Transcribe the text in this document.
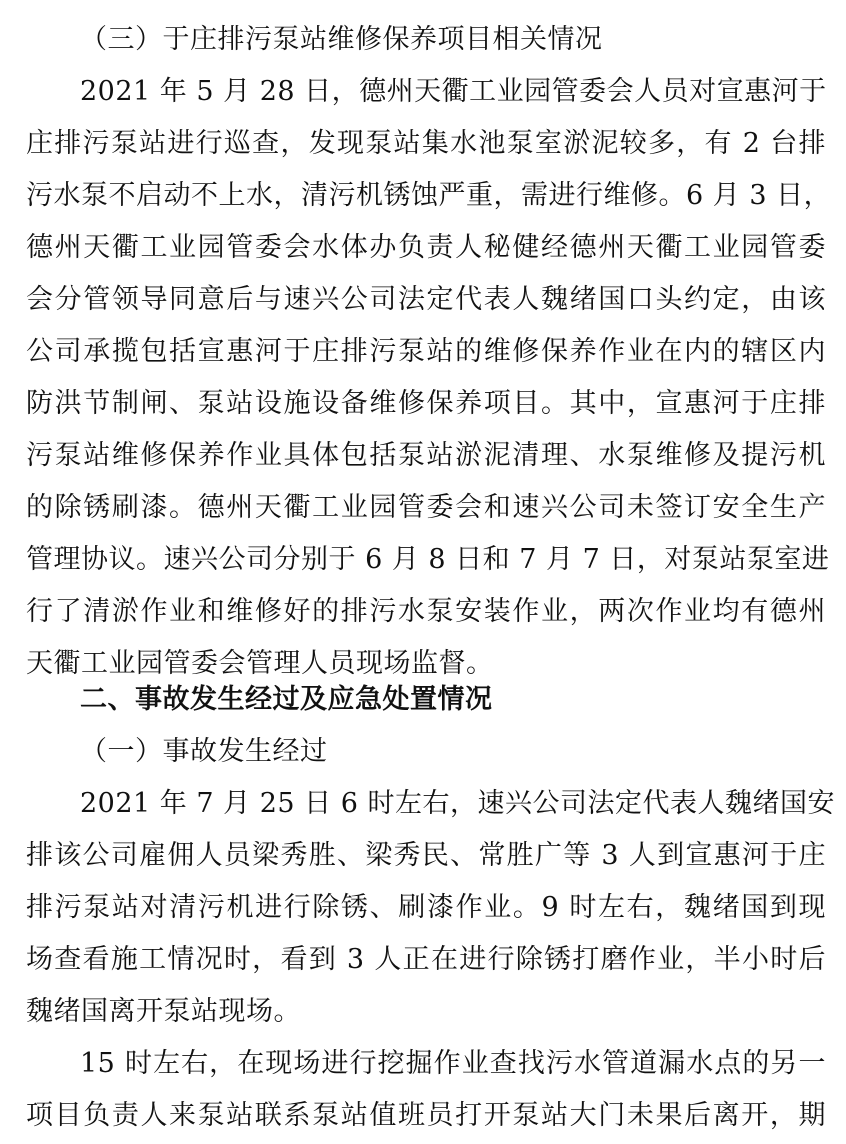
（三）于庄排污泵站维修保养项目相关情况
2021 年 5 月 28 日，德州天衢工业园管委会人员对宣惠河于
庄排污泵站进行巡查，发现泵站集水池泵室淤泥较多，有 2 台排
污水泵不启动不上水，清污机锈蚀严重，需进行维修。6 月 3 日，
德州天衢工业园管委会水体办负责人秘健经德州天衢工业园管委
会分管领导同意后与速兴公司法定代表人魏绪国口头约定，由该
公司承揽包括宣惠河于庄排污泵站的维修保养作业在内的辖区内
防洪节制闸、泵站设施设备维修保养项目。其中，宣惠河于庄排
污泵站维修保养作业具体包括泵站淤泥清理、水泵维修及提污机
的除锈刷漆。德州天衢工业园管委会和速兴公司未签订安全生产
管理协议。速兴公司分别于 6 月 8 日和 7 月 7 日，对泵站泵室进
行了清淤作业和维修好的排污水泵安装作业，两次作业均有德州
天衢工业园管委会管理人员现场监督。
二、事故发生经过及应急处置情况
（一）事故发生经过
2021 年 7 月 25 日 6 时左右，速兴公司法定代表人魏绪国安
排该公司雇佣人员梁秀胜、梁秀民、常胜广等 3 人到宣惠河于庄
排污泵站对清污机进行除锈、刷漆作业。9 时左右，魏绪国到现
场查看施工情况时，看到 3 人正在进行除锈打磨作业，半小时后
魏绪国离开泵站现场。
15 时左右，在现场进行挖掘作业查找污水管道漏水点的另一
项目负责人来泵站联系泵站值班员打开泵站大门未果后离开，期
